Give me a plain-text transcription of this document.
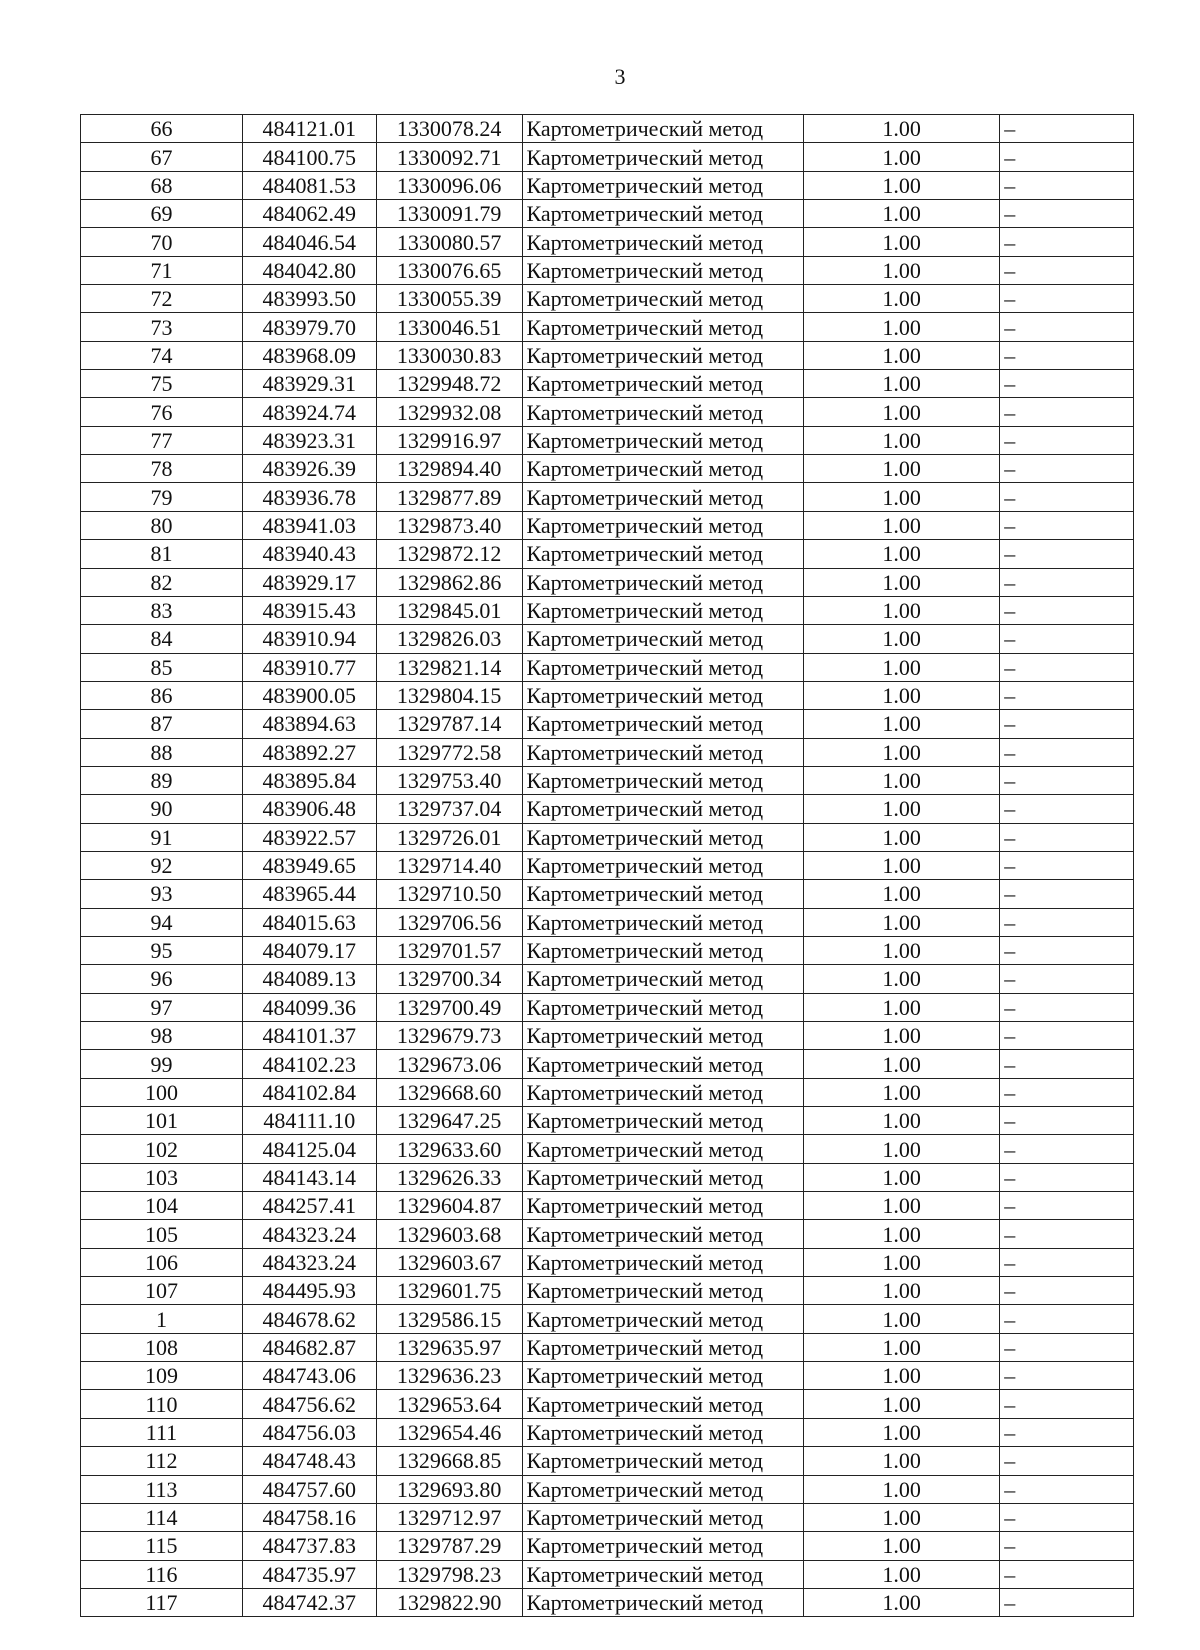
3
66	484121.01	1330078.24	Картометрический метод	1.00	–
67	484100.75	1330092.71	Картометрический метод	1.00	–
68	484081.53	1330096.06	Картометрический метод	1.00	–
69	484062.49	1330091.79	Картометрический метод	1.00	–
70	484046.54	1330080.57	Картометрический метод	1.00	–
71	484042.80	1330076.65	Картометрический метод	1.00	–
72	483993.50	1330055.39	Картометрический метод	1.00	–
73	483979.70	1330046.51	Картометрический метод	1.00	–
74	483968.09	1330030.83	Картометрический метод	1.00	–
75	483929.31	1329948.72	Картометрический метод	1.00	–
76	483924.74	1329932.08	Картометрический метод	1.00	–
77	483923.31	1329916.97	Картометрический метод	1.00	–
78	483926.39	1329894.40	Картометрический метод	1.00	–
79	483936.78	1329877.89	Картометрический метод	1.00	–
80	483941.03	1329873.40	Картометрический метод	1.00	–
81	483940.43	1329872.12	Картометрический метод	1.00	–
82	483929.17	1329862.86	Картометрический метод	1.00	–
83	483915.43	1329845.01	Картометрический метод	1.00	–
84	483910.94	1329826.03	Картометрический метод	1.00	–
85	483910.77	1329821.14	Картометрический метод	1.00	–
86	483900.05	1329804.15	Картометрический метод	1.00	–
87	483894.63	1329787.14	Картометрический метод	1.00	–
88	483892.27	1329772.58	Картометрический метод	1.00	–
89	483895.84	1329753.40	Картометрический метод	1.00	–
90	483906.48	1329737.04	Картометрический метод	1.00	–
91	483922.57	1329726.01	Картометрический метод	1.00	–
92	483949.65	1329714.40	Картометрический метод	1.00	–
93	483965.44	1329710.50	Картометрический метод	1.00	–
94	484015.63	1329706.56	Картометрический метод	1.00	–
95	484079.17	1329701.57	Картометрический метод	1.00	–
96	484089.13	1329700.34	Картометрический метод	1.00	–
97	484099.36	1329700.49	Картометрический метод	1.00	–
98	484101.37	1329679.73	Картометрический метод	1.00	–
99	484102.23	1329673.06	Картометрический метод	1.00	–
100	484102.84	1329668.60	Картометрический метод	1.00	–
101	484111.10	1329647.25	Картометрический метод	1.00	–
102	484125.04	1329633.60	Картометрический метод	1.00	–
103	484143.14	1329626.33	Картометрический метод	1.00	–
104	484257.41	1329604.87	Картометрический метод	1.00	–
105	484323.24	1329603.68	Картометрический метод	1.00	–
106	484323.24	1329603.67	Картометрический метод	1.00	–
107	484495.93	1329601.75	Картометрический метод	1.00	–
1	484678.62	1329586.15	Картометрический метод	1.00	–
108	484682.87	1329635.97	Картометрический метод	1.00	–
109	484743.06	1329636.23	Картометрический метод	1.00	–
110	484756.62	1329653.64	Картометрический метод	1.00	–
111	484756.03	1329654.46	Картометрический метод	1.00	–
112	484748.43	1329668.85	Картометрический метод	1.00	–
113	484757.60	1329693.80	Картометрический метод	1.00	–
114	484758.16	1329712.97	Картометрический метод	1.00	–
115	484737.83	1329787.29	Картометрический метод	1.00	–
116	484735.97	1329798.23	Картометрический метод	1.00	–
117	484742.37	1329822.90	Картометрический метод	1.00	–
